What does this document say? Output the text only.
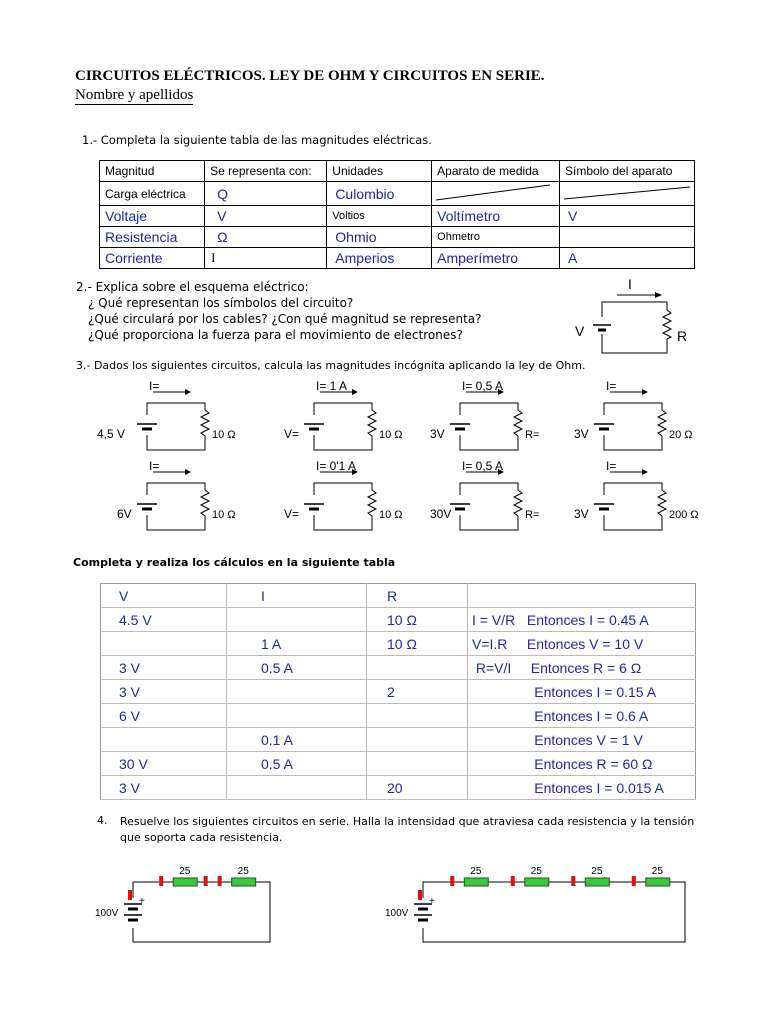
CIRCUITOS ELÉCTRICOS. LEY DE OHM Y CIRCUITOS EN SERIE.
Nombre y apellidos
1.- Completa la siguiente tabla de las magnitudes eléctricas.
Magnitud	Se representa con:	Unidades	Aparato de medida	Símbolo del aparato
Carga eléctrica	Q	Culombio		
Voltaje	V	Voltios	Voltímetro	V
Resistencia	Ω	Ohmio	Ohmetro	
Corriente	I	Amperios	Amperímetro	A
2.- Explica sobre el esquema eléctrico:
¿ Qué representan los símbolos del circuito?
¿Qué circulará por los cables? ¿Con qué magnitud se representa?
¿Qué proporciona la fuerza para el movimiento de electrones?
I
V	R
3.- Dados los siguientes circuitos, calcula las magnitudes incógnita aplicando la ley de Ohm.
I=
4,5 V	10 Ω
I= 1 A
V=	10 Ω
I= 0,5 A
3V	R=
I=
3V	20 Ω
I=
6V	10 Ω
I= 0'1 A
V=	10 Ω
I= 0,5 A
30V	R=
I=
3V	200 Ω
Completa y realiza los cálculos en la siguiente tabla
V	I	R	
4.5 V		10 Ω	I = V/R   Entonces I = 0.45 A
	1 A	10 Ω	V=I.R     Entonces V = 10 V
3 V	0.5 A		R=V/I     Entonces R = 6 Ω
3 V		2	Entonces I = 0.15 A
6 V			Entonces I = 0.6 A
	0.1 A		Entonces V = 1 V
30 V	0.5 A		Entonces R = 60 Ω
3 V		20	Entonces I = 0.015 A
4. Resuelve los siguientes circuitos en serie. Halla la intensidad que atraviesa cada resistencia y la tensión
que soporta cada resistencia.
+
100V
25	25
+
100V
25	25	25	25
